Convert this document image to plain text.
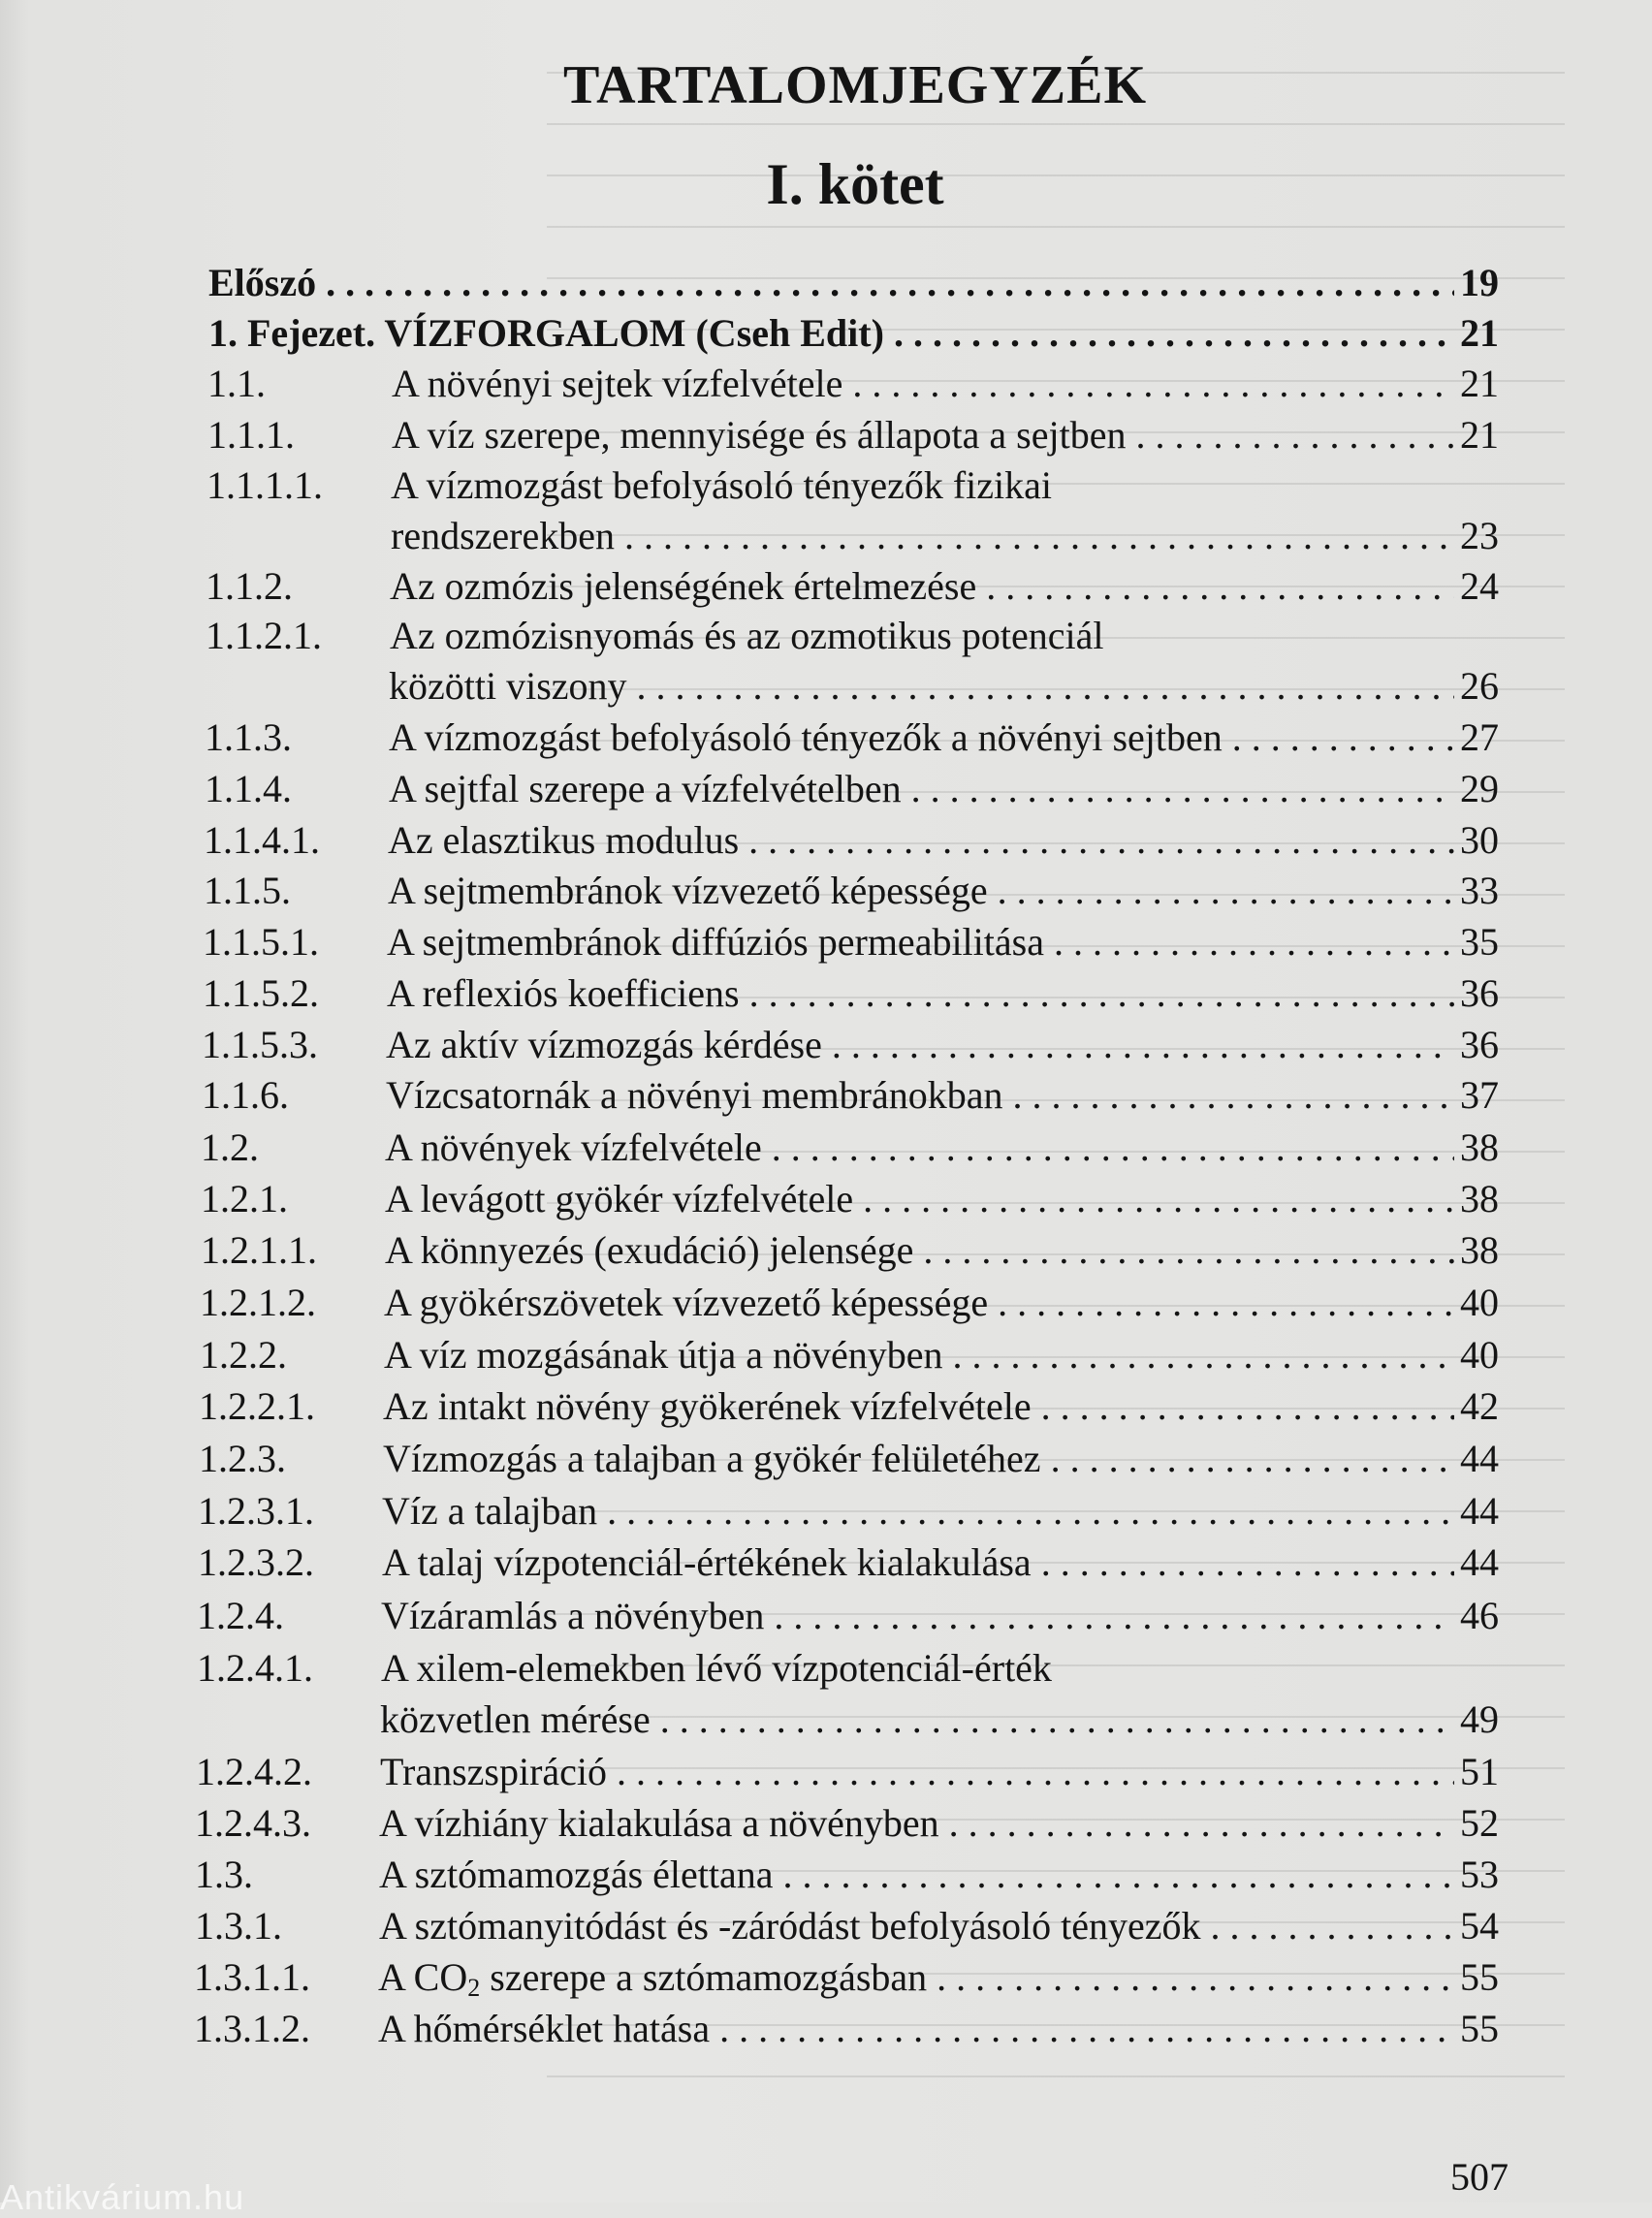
TARTALOMJEGYZÉK
I. kötet
Előszó . . .	19
1. Fejezet. VÍZFORGALOM (Cseh Edit) . . .	21
1.1.	A növényi sejtek vízfelvétele . . .	21
1.1.1.	A víz szerepe, mennyisége és állapota a sejtben . . .	21
1.1.1.1.	A vízmozgást befolyásoló tényezők fizikai
rendszerekben . . .	23
1.1.2.	Az ozmózis jelenségének értelmezése . . .	24
1.1.2.1.	Az ozmózisnyomás és az ozmotikus potenciál
közötti viszony . . .	26
1.1.3.	A vízmozgást befolyásoló tényezők a növényi sejtben . . .	27
1.1.4.	A sejtfal szerepe a vízfelvételben . . .	29
1.1.4.1.	Az elasztikus modulus . . .	30
1.1.5.	A sejtmembránok vízvezető képessége . . .	33
1.1.5.1.	A sejtmembránok diffúziós permeabilitása . . .	35
1.1.5.2.	A reflexiós koefficiens . . .	36
1.1.5.3.	Az aktív vízmozgás kérdése . . .	36
1.1.6.	Vízcsatornák a növényi membránokban . . .	37
1.2.	A növények vízfelvétele . . .	38
1.2.1.	A levágott gyökér vízfelvétele . . .	38
1.2.1.1.	A könnyezés (exudáció) jelensége . . .	38
1.2.1.2.	A gyökérszövetek vízvezető képessége . . .	40
1.2.2.	A víz mozgásának útja a növényben . . .	40
1.2.2.1.	Az intakt növény gyökerének vízfelvétele . . .	42
1.2.3.	Vízmozgás a talajban a gyökér felületéhez . . .	44
1.2.3.1.	Víz a talajban . . .	44
1.2.3.2.	A talaj vízpotenciál-értékének kialakulása . . .	44
1.2.4.	Vízáramlás a növényben . . .	46
1.2.4.1.	A xilem-elemekben lévő vízpotenciál-érték
közvetlen mérése . . .	49
1.2.4.2.	Transzspiráció . . .	51
1.2.4.3.	A vízhiány kialakulása a növényben . . .	52
1.3.	A sztómamozgás élettana . . .	53
1.3.1.	A sztómanyitódást és -záródást befolyásoló tényezők . . .	54
1.3.1.1.	A $CO_2$ szerepe a sztómamozgásban . . .	55
1.3.1.2.	A hőmérséklet hatása . . .	55
507
Antikvárium.hu
